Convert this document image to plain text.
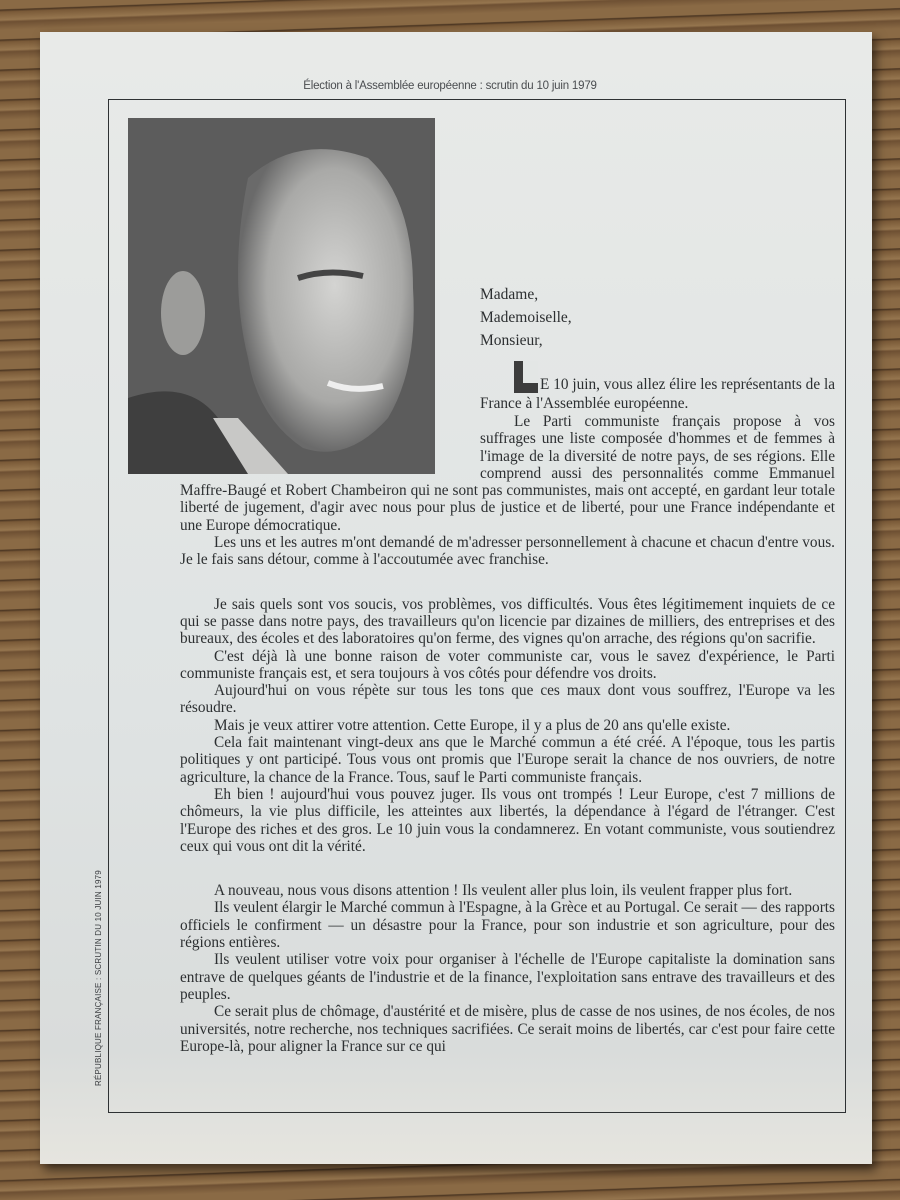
Élection à l'Assemblée européenne : scrutin du 10 juin 1979
RÉPUBLIQUE FRANÇAISE : SCRUTIN DU 10 JUIN 1979
Madame,
Mademoiselle,
Monsieur,

E 10 juin, vous allez élire les représentants de la France à l'Assemblée européenne.

Le Parti communiste français propose à vos suffrages une liste composée d'hommes et de femmes à l'image de la diversité de notre pays, de ses régions. Elle comprend aussi des personnalités comme Emmanuel Maffre-Baugé et Robert Chambeiron qui ne sont pas communistes, mais ont accepté, en gardant leur totale liberté de jugement, d'agir avec nous pour plus de justice et de liberté, pour une France indépendante et une Europe démocratique.

Les uns et les autres m'ont demandé de m'adresser personnellement à chacune et chacun d'entre vous. Je le fais sans détour, comme à l'accoutumée avec franchise.

Je sais quels sont vos soucis, vos problèmes, vos difficultés. Vous êtes légitimement inquiets de ce qui se passe dans notre pays, des travailleurs qu'on licencie par dizaines de milliers, des entreprises et des bureaux, des écoles et des laboratoires qu'on ferme, des vignes qu'on arrache, des régions qu'on sacrifie.

C'est déjà là une bonne raison de voter communiste car, vous le savez d'expérience, le Parti communiste français est, et sera toujours à vos côtés pour défendre vos droits.

Aujourd'hui on vous répète sur tous les tons que ces maux dont vous souffrez, l'Europe va les résoudre.

Mais je veux attirer votre attention. Cette Europe, il y a plus de 20 ans qu'elle existe.

Cela fait maintenant vingt-deux ans que le Marché commun a été créé. A l'époque, tous les partis politiques y ont participé. Tous vous ont promis que l'Europe serait la chance de nos ouvriers, de notre agriculture, la chance de la France. Tous, sauf le Parti communiste français.

Eh bien ! aujourd'hui vous pouvez juger. Ils vous ont trompés ! Leur Europe, c'est 7 millions de chômeurs, la vie plus difficile, les atteintes aux libertés, la dépendance à l'égard de l'étranger. C'est l'Europe des riches et des gros. Le 10 juin vous la condamnerez. En votant communiste, vous soutiendrez ceux qui vous ont dit la vérité.

A nouveau, nous vous disons attention ! Ils veulent aller plus loin, ils veulent frapper plus fort.

Ils veulent élargir le Marché commun à l'Espagne, à la Grèce et au Portugal. Ce serait — des rapports officiels le confirment — un désastre pour la France, pour son industrie et son agriculture, pour des régions entières.

Ils veulent utiliser votre voix pour organiser à l'échelle de l'Europe capitaliste la domination sans entrave de quelques géants de l'industrie et de la finance, l'exploitation sans entrave des travailleurs et des peuples.

Ce serait plus de chômage, d'austérité et de misère, plus de casse de nos usines, de nos écoles, de nos universités, notre recherche, nos techniques sacrifiées. Ce serait moins de libertés, car c'est pour faire cette Europe-là, pour aligner la France sur ce qui
